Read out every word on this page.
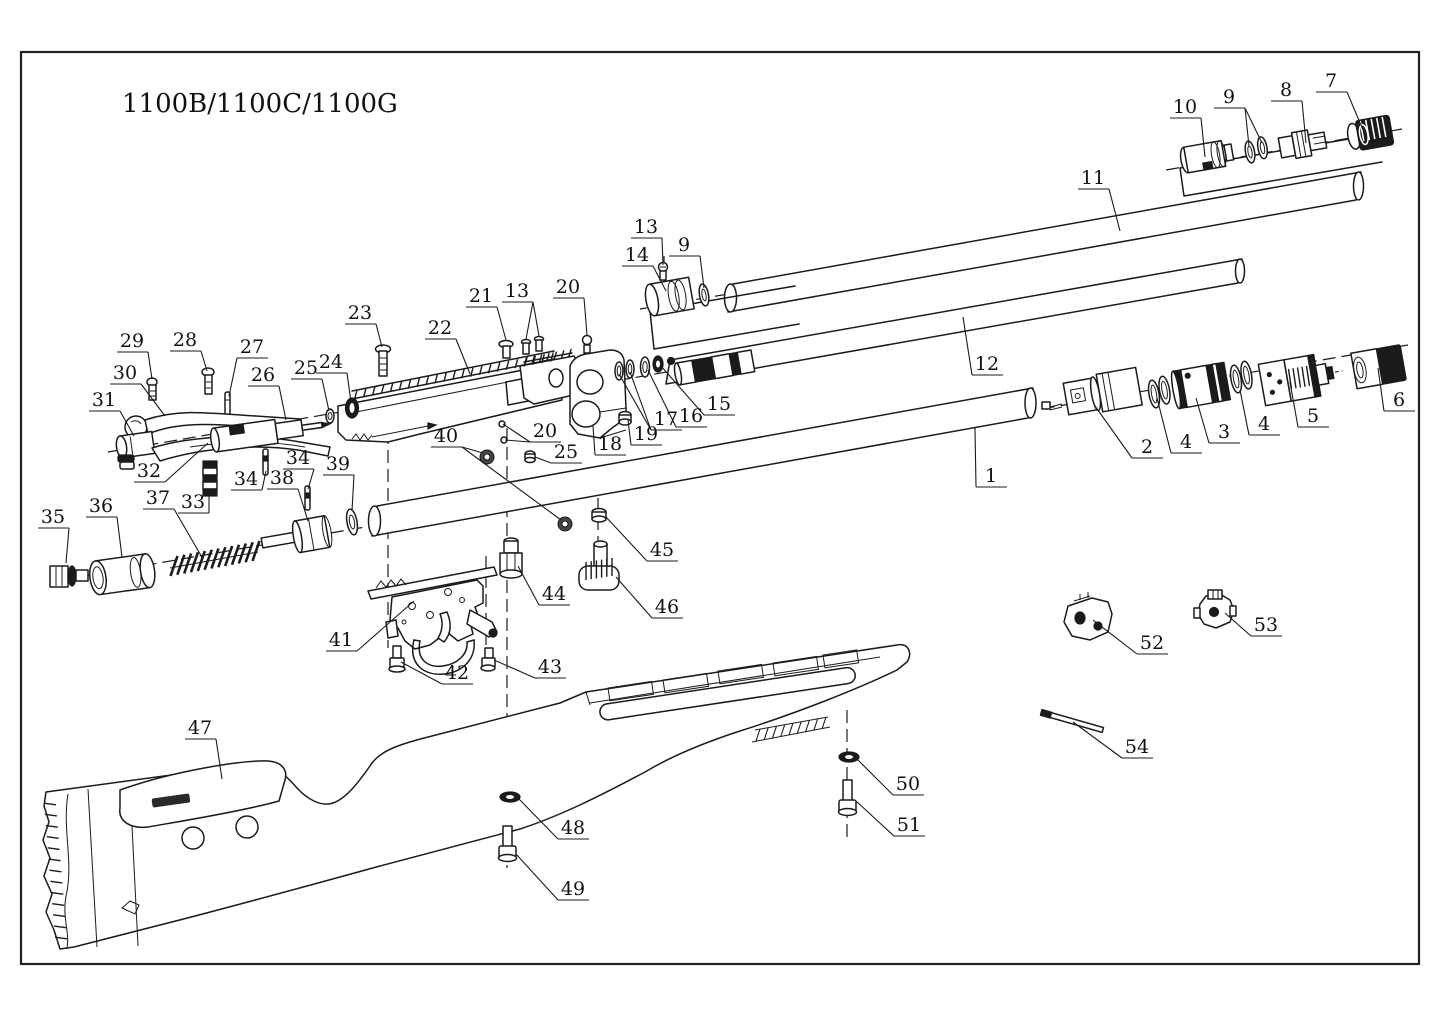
1100B/1100C/1100G
1
2
3
4
4 5
6
7
8
9
10
11
12
13
14 9
13
21	20
22
23
24
25
26
27
28
29
30
31
32
33
34
34
35 36 37
38
39
40
41
42	43
44
45
46
47
48
49
50
51
52
53
54
18 19
15
16
17
20
25
